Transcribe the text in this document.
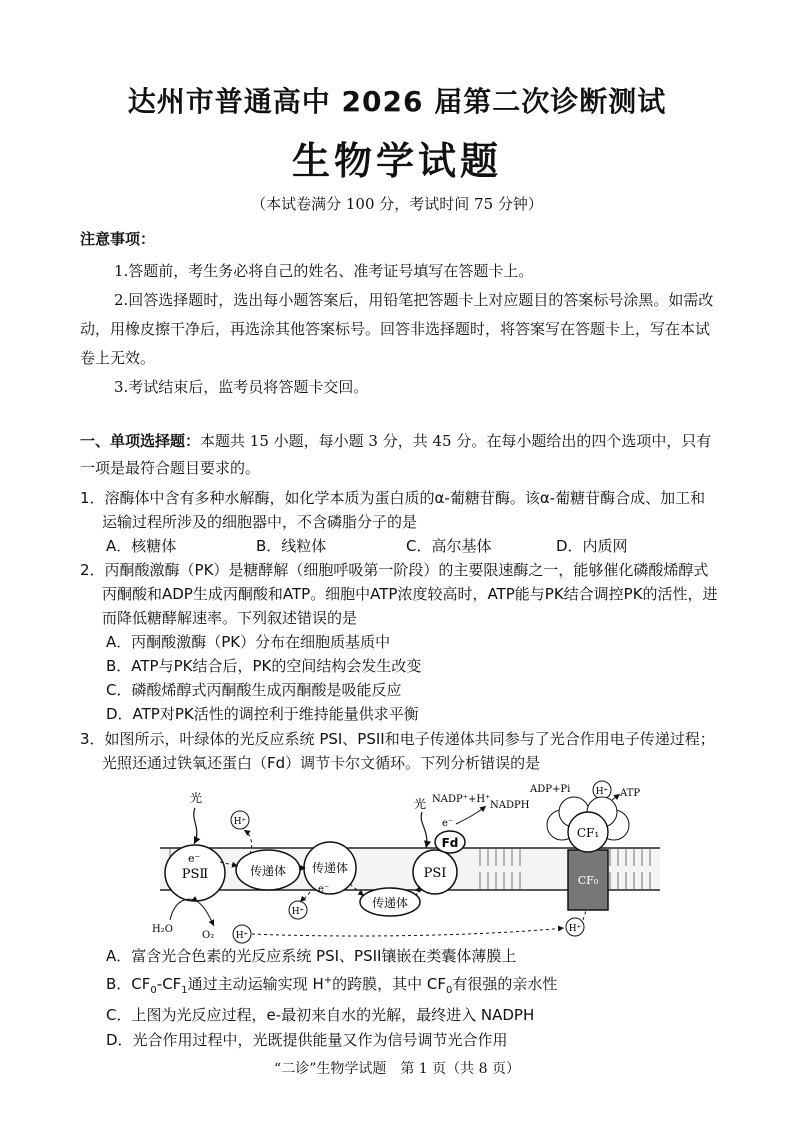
达州市普通高中 2026 届第二次诊断测试
生物学试题
（本试卷满分 100 分，考试时间 75 分钟）
注意事项：

1.答题前，考生务必将自己的姓名、准考证号填写在答题卡上。

2.回答选择题时，选出每小题答案后，用铅笔把答题卡上对应题目的答案标号涂黑。如需改动，用橡皮擦干净后，再选涂其他答案标号。回答非选择题时，将答案写在答题卡上，写在本试卷上无效。

3.考试结束后，监考员将答题卡交回。

一、单项选择题：本题共 15 小题，每小题 3 分，共 45 分。在每小题给出的四个选项中，只有一项是最符合题目要求的。
1．溶酶体中含有多种水解酶，如化学本质为蛋白质的α-葡糖苷酶。该α-葡糖苷酶合成、加工和运输过程所涉及的细胞器中，不含磷脂分子的是
A．核糖体	B．线粒体	C．高尔基体	D．内质网
2．丙酮酸激酶（PK）是糖酵解（细胞呼吸第一阶段）的主要限速酶之一，能够催化磷酸烯醇式丙酮酸和ADP生成丙酮酸和ATP。细胞中ATP浓度较高时，ATP能与PK结合调控PK的活性，进而降低糖酵解速率。下列叙述错误的是
A．丙酮酸激酶（PK）分布在细胞质基质中
B．ATP与PK结合后，PK的空间结构会发生改变
C．磷酸烯醇式丙酮酸生成丙酮酸是吸能反应
D．ATP对PK活性的调控利于维持能量供求平衡
3．如图所示，叶绿体的光反应系统 PSI、PSII和电子传递体共同参与了光合作用电子传递过程；光照还通过铁氧还蛋白（Fd）调节卡尔文循环。下列分析错误的是
PSⅡ
e⁻
光
传递体 传递体
e⁻
传递体
PSⅠ
Fd
光 NADP⁺+H⁺
NADPH
e⁻
H⁺
H⁺
H⁺
H⁺
H⁺
H₂O
O₂
CF₀
CF₁
ADP+Pi	ATP
A．富含光合色素的光反应系统 PSI、PSII镶嵌在类囊体薄膜上
B．$CF_0-CF_1$通过主动运输实现 H+的跨膜，其中 $CF_0$有很强的亲水性
C．上图为光反应过程，e-最初来自水的光解，最终进入 NADPH
D．光合作用过程中，光既提供能量又作为信号调节光合作用
“二诊”生物学试题　第 1 页（共 8 页）
